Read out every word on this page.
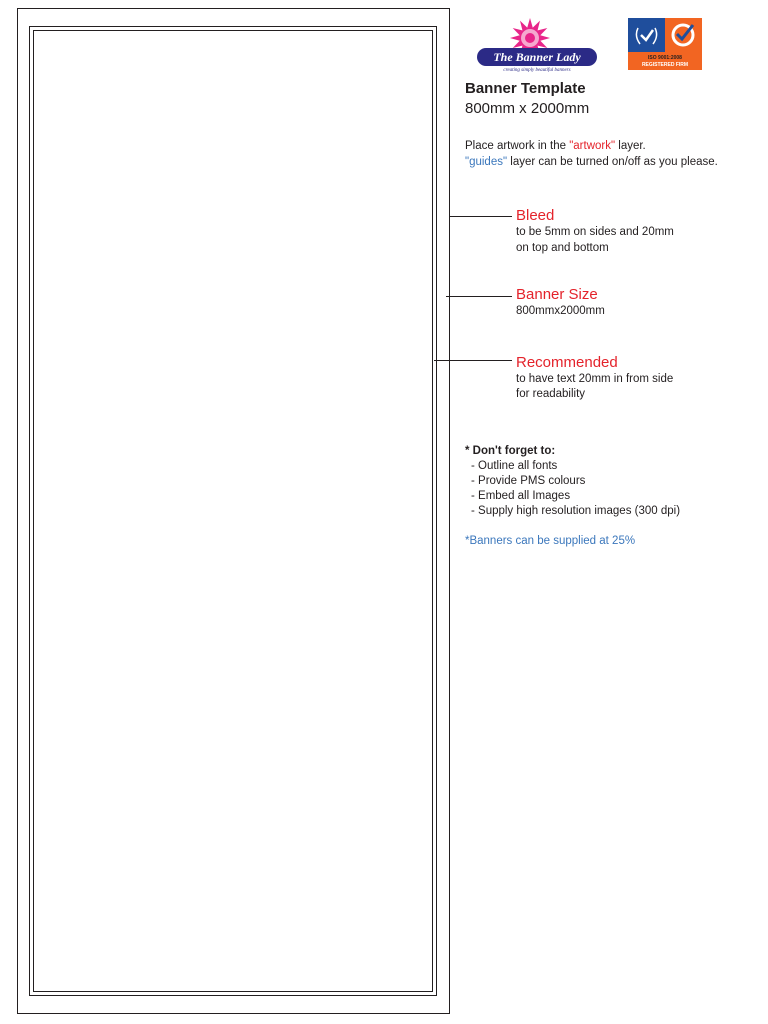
The Banner Lady
creating simply beautiful banners
ISO 9001:2008
REGISTERED FIRM
Banner Template
800mm x 2000mm
Place artwork in the "artwork" layer.
"guides" layer can be turned on/off as you please.
Bleed
to be 5mm on sides and 20mm
on top and bottom
Banner Size
800mmx2000mm
Recommended
to have text 20mm in from side
for readability
* Don't forget to:
- Outline all fonts
- Provide PMS colours
- Embed all Images
- Supply high resolution images (300 dpi)
*Banners can be supplied at 25%
